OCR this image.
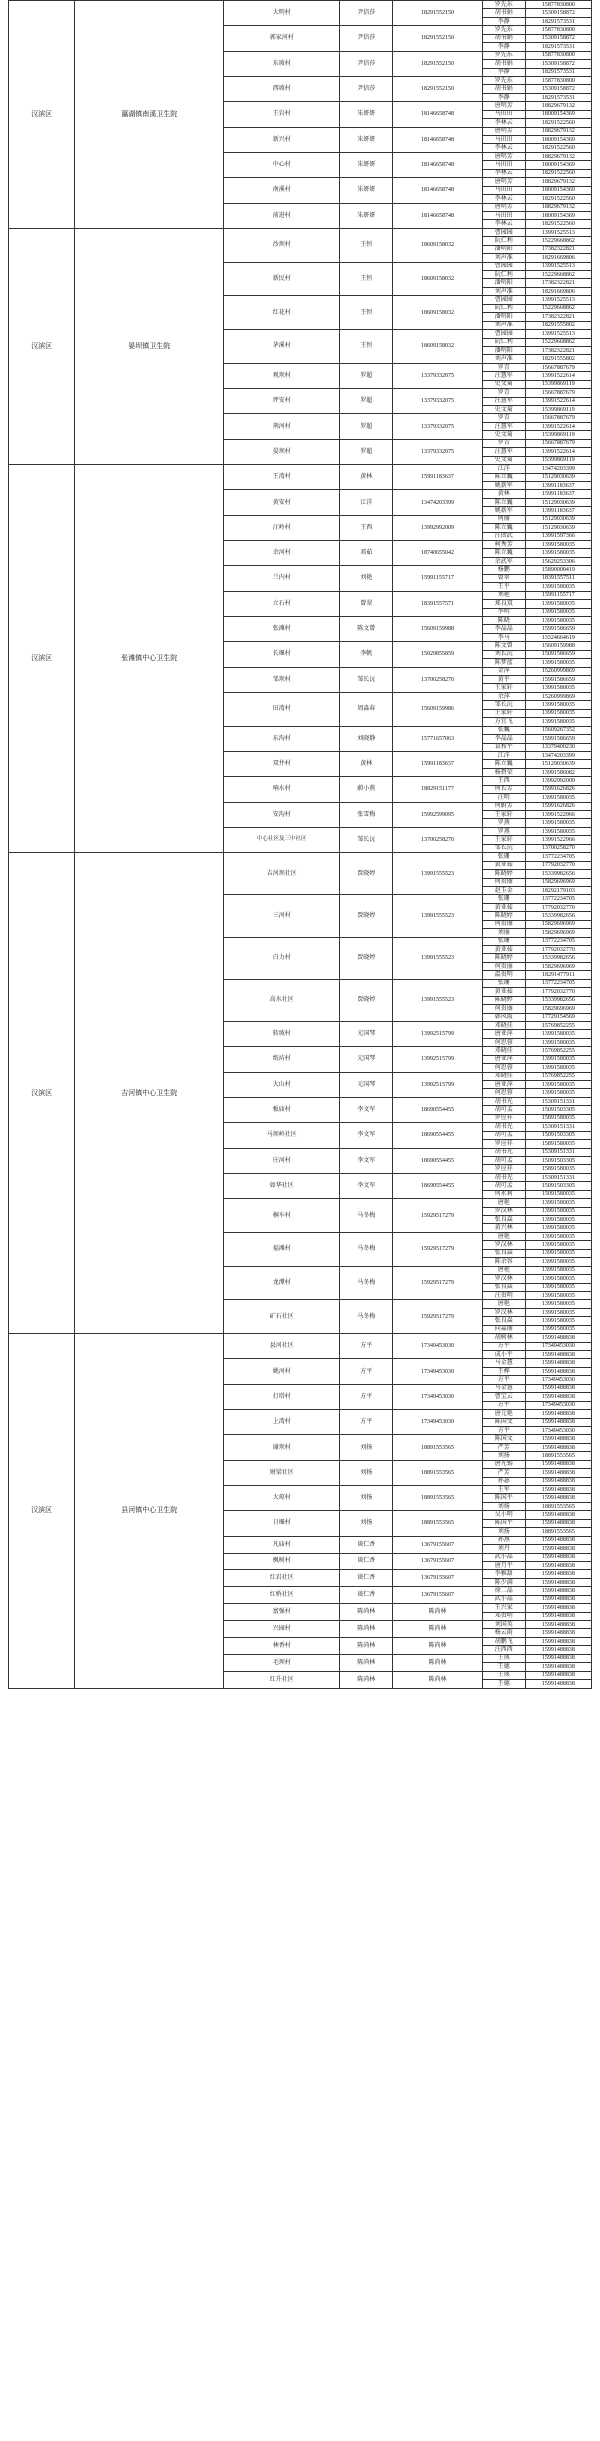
汉滨区	瀛湖镇南溪卫生院	大明村	尹信莎	18291552150	罗先东	15877830800
					胡书娟	15309158872
					李静	18291573531
		郭家河村	尹信莎	18291552150	罗先东	15877830800
					胡书娟	15309158872
					李静	18291573531
		东坡村	尹信莎	18291552150	罗先东	15877830800
					胡书娟	15309158872
					李静	18291573531
		西坡村	尹信莎	18291552150	罗先东	15877830800
					胡书娟	15309158872
					李静	18291573531
		王岩村	朱妍妍	18146658748	唐明芳	18829679132
					马田田	18009154369
					李林云	18291522560
		新兴村	朱妍妍	18146658748	唐明芳	18829679132
					马田田	18009154369
					李林云	18291522560
		中心村	朱妍妍	18146658748	唐明芳	18829679132
					马田田	18009154369
					李林云	18291522560
		南溪村	朱妍妍	18146658748	唐明芳	18829679132
					马田田	18009154369
					李林云	18291522560
		前进村	朱妍妍	18146658748	唐明芳	18829679132
					马田田	18009154369
					李林云	18291522560
汉滨区	晏坝镇卫生院	沙坝村	王恒	18609158032	曹园园	13991525513
					阮仁利	15229668862
					潘明阳	17382322821
					刘声准	18291669806
		新民村	王恒	18609158032	曹园园	13991525513
					阮仁利	15229668862
					潘明阳	17382322821
					刘声准	18291669806
		红花村	王恒	18609158032	曹园园	13991525513
					阮仁利	15229668862
					潘明阳	17382322821
					刘声准	18291555802
		茅溪村	王恒	18609158032	曹园园	13991525513
					阮仁利	15229668862
					潘明阳	17382322821
					刘声准	18291555802
		观坝村	罗超	13379332075	罗青	15667887679
					汪慧军	13991522614
					史文菊	15399869119
		坪安村	罗超	13379332075	罗青	15667887679
					汪慧军	13991522614
					史文菊	15399869119
		荆河村	罗超	13379332075	罗青	15667887679
					汪慧军	13991522614
					史文菊	15399869119
		晏坝村	罗超	13379332075	罗青	15667887679
					汪慧军	13991522614
					史文菊	15399869119
汉滨区	张滩镇中心卫生院	王湾村	黄林	15991183637	江洋	13474203399
					陈立巍	15129030639
					姚新军	13991183637
		黄安村	江洋	13474203399	黄林	15991183637
					陈立巍	15129030639
					姚新军	13991183637
		汪岭村	王西	13992992009	何丽	15129030639
					陈立巍	15129030639
					汪团武	13991597366
		余河村	邓茹	18740655042	柯秀芳	13991580035
					陈立巍	13991580035
					余武军	15629253306
		兰内村	刘艳	15991155717	杨鹏	15890000419
					曾翠	18391557511
					王平	13991580035
		立石村	曾翠	18391557571	刘艳	15991155717
					郑良双	13991580035
					李明	13991580035
		张滩村	陈文曾	15609159988	陈晓	13991580035
					李晶晶	15991586659
					李马	13324664619
		长堰村	李帆	15029855859	陈文曾	15609159988
					刘长沅	15091586659
					陈梦蓝	13991580035
		邹坝村	邹长沅	13700258270	金萍	15260999869
					黄平	15991586659
					王家轩	13991580035
		田湾村	周淼春	15609159986	余萍	15260999869
					邹长沅	13991580035
					王家轩	13991580035
					方宜飞	13991580035
		东沟村	刘晓静	15771657063	张巍	15609267352
					李晶晶	15991586659
					袁和平	13379400230
		双井村	黄林	15991183637	江洋	13474203399
					陈立巍	15129030639
					杨碧荣	13991586082
		响水村	蔚小燕	18829151177	王西	13992992009
					何长芳	15991626826
					汪明	13991580035
		安沟村	张雪梅	15992599095	何蔚芳	15991626826
					王家轩	13991522966
					罗燕	13991580035
		中心社区及三中社区	邹长沅	13700258270	罗燕	13991580035
					王家轩	13991522966
					邹长沅	13700258270
汉滨区	吉河镇中心卫生院	吉河坝社区	贾晓婷	13991555523	张珊	13772234705
					黄亚茹	17792032770
					陈晓婷	15339982656
					何贵丽	15829696969
					赵玉金	18292179103
		三河村	贾晓婷	13991555523	张珊	13772234705
					黄亚茹	17792032770
					陈晓婷	15339982656
					何贵丽	15829696969
					刘丽	15829696969
		白力村	贾晓婷	13991555523	张珊	13772234705
					黄亚茹	17792032770
					陈晓婷	15339982656
					何贵丽	15829696969
					温贵明	18291477911
		高水社区	贾晓婷	13991555523	张珊	13772234705
					黄亚茹	17792032770
					陈晓婷	15339982656
					何贵丽	15829696969
					韩风霞	17729154569
		转坡村	元国琴	13992515799	邓晓佳	15769852255
					唐亚萍	13991580035
					何思蓉	13991580035
		纸坊村	元国琴	13992515799	邓晓佳	15769852255
					唐亚萍	13991580035
					何思蓉	13991580035
		大山村	元国琴	13992515799	邓晓佳	15769852255
					唐亚萍	13991580035
					何思蓉	13991580035
		板庙村	李文军	18690554455	胡书光	15309151331
					胡可孟	15091503305
					罗应祥	15891580035
		马坝岭社区	李文军	18690554455	胡书光	15309151331
					胡可孟	15091503305
					罗应祥	15891580035
		庄河村	李文军	18690554455	胡书光	15309151331
					胡可孟	15091503305
					罗应祥	15891580035
		如华社区	李文军	18690554455	胡书光	15309151331
					胡可孟	15091503305
					何永莉	15091580035
		桐车村	马冬梅	15929517279	唐艳	13991580035
					罗汉林	13991580035
					张良焱	13991580035
					黄兴林	13991580035
		福滩村	马冬梅	15929517279	唐艳	13991580035
					罗汉林	13991580035
					张良焱	13991580035
					陈余容	13991580035
		龙潭村	马冬梅	15929517279	唐艳	13991580035
					罗汉林	13991580035
					张良焱	13991580035
					汪贵明	13991580035
		矿石社区	马冬梅	15929517279	唐艳	13991580035
					罗汉林	13991580035
					张良焱	13991580035
					向嘉丽	13991580035
汉滨区	县河镇中心卫生院	县河社区	方平	17349453030	胡树林	15991488838
					方平	17349453030
					成小平	15991488838
		姚河村	方平	17349453030	马金慧	15991488838
					王桦	15991488838
					方平	17349453030
		打塔村	方平	17349453030	马金慧	15991488838
					曹宝云	15991488838
					方平	17349453030
		上湾村	方平	17349453030	唐元艳	15991488838
					陈国文	15991488838
					方平	17349453030
		谢坝村	刘扬	18891553565	陈国文	15991488838
					严芳	15991488838
					刘扬	18891553565
		财梁社区	刘扬	18891553565	唐光锡	15991488838
					严芳	15991488838
					孙瑟	15991488838
		大琼村	刘扬	18891553565	王军	15991488838
					陈国平	15991488838
					刘扬	18891553565
		日堰村	刘扬	18891553565	吴小明	15991488838
					陈国平	15991488838
					刘扬	18891553565
		凡庙村	谈仁香	13679155607	孙燕	15991488838
					刘丹	15991488838
		枫树村	谈仁香	13679155607	武小晶	15991488838
					唐月平	15991488838
		红岩社区	谈仁香	13679155607	李雅甜	15991488838
					陈少满	15991488838
		红桥社区	谈仁香	13679155607	徐二晶	15991488838
					武小晶	15991488838
		富强村	陈尚林	陈尚林	王兴家	15991488838
					邓贵明	15991488838
		兴园村	陈尚林	陈尚林	刘国英	15991488838
					杨云雨	15991488838
		林香村	陈尚林	陈尚林	胡鹏飞	15991488838
					汪西西	15991488838
		毛坝村	陈尚林	陈尚林	王瑛	15991488838
					王德	15991488838
		红升社区	陈尚林	陈尚林	王瑛	15991488838
					王德	15991488838
